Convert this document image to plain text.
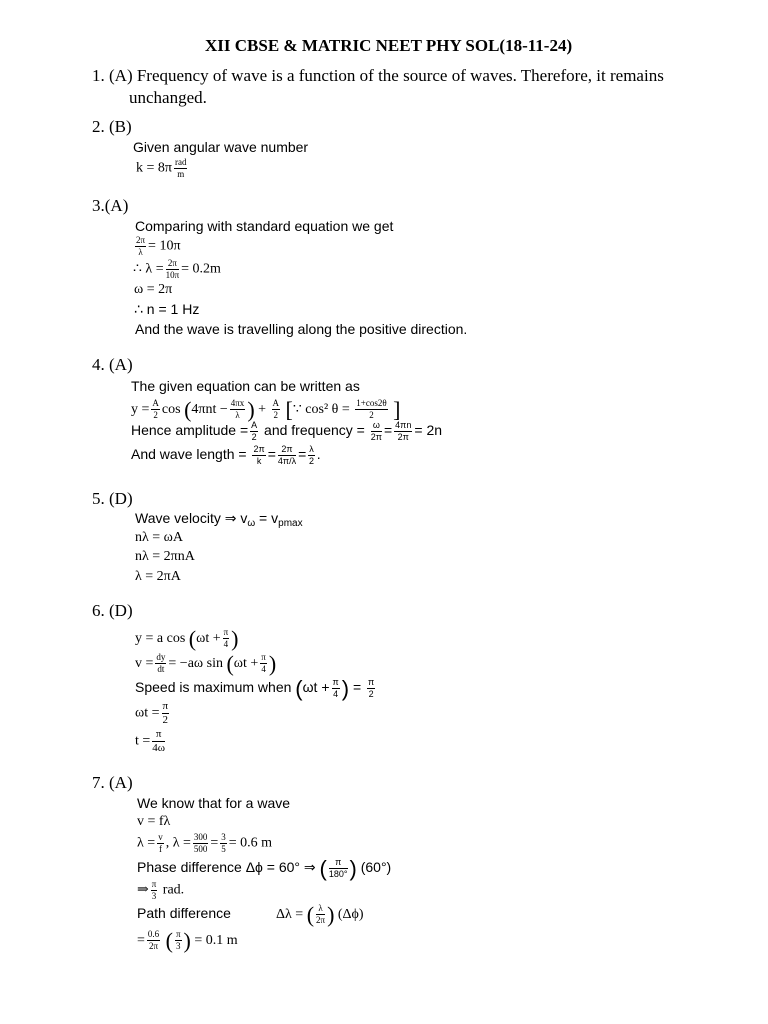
XII CBSE & MATRIC NEET PHY SOL(18-11-24)
1. (A) Frequency of wave is a function of the source of waves. Therefore, it remains
unchanged.
2. (B)
Given angular wave number
$k = 8\pi \frac{\text{rad}}{m}$
3.(A)
Comparing with standard equation we get
$\frac{2\pi}{\lambda} = 10\pi$
∴ $\lambda = \frac{2\pi}{10\pi} = 0.2m$
ω = 2π
∴ n = 1 Hz
And the wave is travelling along the positive direction.
4. (A)
The given equation can be written as
$y = \frac{A}{2}$ $\cos (4\pi nt - \frac{4\pi x}{\lambda}$ ) + $\frac{A}{2}$ [∵ cos² $\theta = \frac{1+\cos 2\theta}{2}$ ]
Hence amplitude = $\frac{A}{2}$ and frequency = $\frac{\omega}{2\pi} = \frac{4\pi n}{2\pi} = 2n$
And wave length = $\frac{2\pi}{k} = \frac{2\pi}{4\pi/\lambda} = \frac{\lambda}{2}$ .
5. (D)
Wave velocity ⇒ $v_\omega = v_{pmax}$
nλ = ωA
nλ = 2πnA
λ = 2πA
6. (D)
y = a $\cos (\omega t + \frac{\pi}{4}$ )
$v = \frac{dy}{dt} = -a\omega$ $\sin (\omega t + \frac{\pi}{4}$ )
Speed is maximum when ($\omega t + \frac{\pi}{4}$ ) = $\frac{\pi}{2}$
$\omega t = \frac{\pi}{2}$
$t = \frac{\pi}{4\omega}$
7. (A)
We know that for a wave
v = fλ
$\lambda = \frac{v}{f}$ , $\lambda = \frac{300}{500} = \frac{3}{5} = 0.6$ m
Phase difference Δϕ = 60° ⇒ ( $\frac{\pi}{180^\circ}$ ) (60°)
⇒ $\frac{\pi}{3}$ rad.
Path difference	Δλ = ( $\frac{\lambda}{2\pi}$ ) (Δϕ)
= $\frac{0.6}{2\pi}$ ( $\frac{\pi}{3}$ ) = 0.1 m
